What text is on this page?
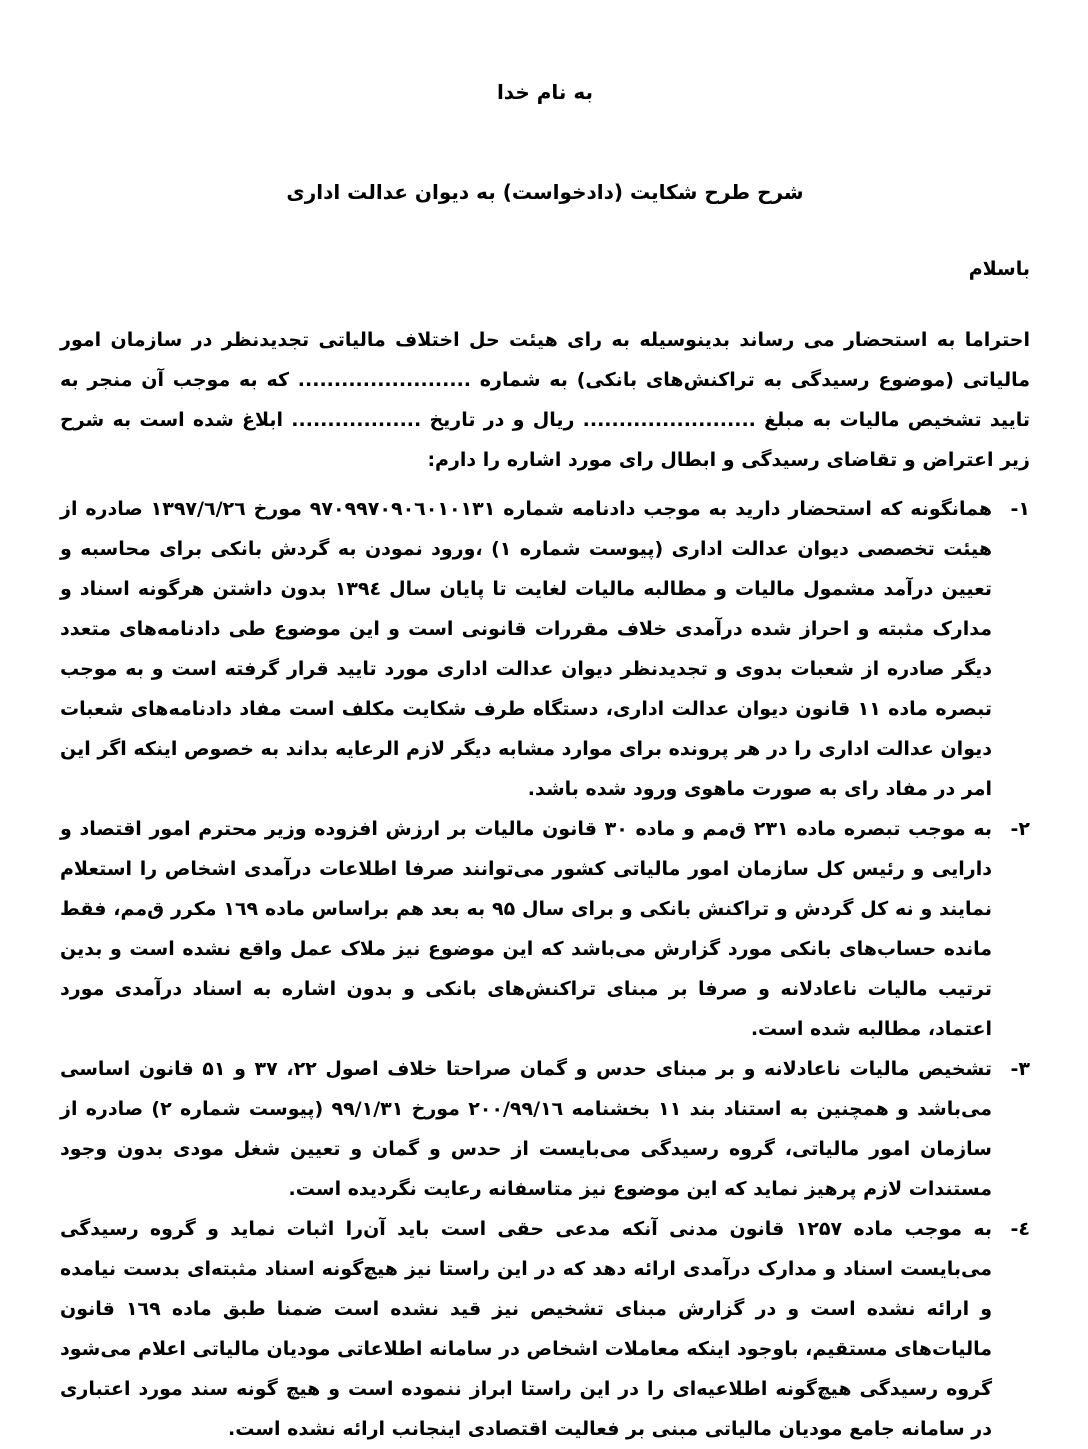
به نام خدا
شرح طرح شکایت (دادخواست) به دیوان عدالت اداری
باسلام
احتراما به استحضار می رساند بدینوسیله به رای هیئت حل اختلاف مالیاتی تجدیدنظر در سازمان امور مالیاتی (موضوع رسیدگی به تراکنش‌های بانکی) به شماره ........................ که به موجب آن منجر به تایید تشخیص مالیات به مبلغ ........................ ریال و در تاریخ .................. ابلاغ شده است به شرح زیر اعتراض و تقاضای رسیدگی و ابطال رای مورد اشاره را دارم:
۱-
همانگونه که استحضار دارید به موجب دادنامه شماره ۹۷۰۹۹۷۰۹۰٦۰۱۰۱۳۱ مورخ ۱۳۹۷/٦/۲٦ صادره از هیئت تخصصی دیوان عدالت اداری (پیوست شماره ۱) ،ورود نمودن به گردش بانکی برای محاسبه و تعیین درآمد مشمول مالیات و مطالبه مالیات لغایت تا پایان سال ۱۳۹٤ بدون داشتن هرگونه اسناد و مدارک مثبته و احراز شده درآمدی خلاف مقررات قانونی است و این موضوع طی دادنامه‌های متعدد دیگر صادره از شعبات بدوی و تجدیدنظر دیوان عدالت اداری مورد تایید قرار گرفته است و به موجب تبصره ماده ۱۱ قانون دیوان عدالت اداری، دستگاه طرف شکایت مکلف است مفاد دادنامه‌های شعبات دیوان عدالت اداری را در هر پرونده برای موارد مشابه دیگر لازم الرعایه بداند به خصوص اینکه اگر این امر در مفاد رای به صورت ماهوی ورود شده باشد.
۲-
به موجب تبصره ماده ۲۳۱ ق‌مم و ماده ۳۰ قانون مالیات بر ارزش افزوده وزیر محترم امور اقتصاد و دارایی و رئیس کل سازمان امور مالیاتی کشور می‌توانند صرفا اطلاعات درآمدی اشخاص را استعلام نمایند و نه کل گردش و تراکنش بانکی و برای سال ۹۵ به بعد هم براساس ماده ۱٦۹ مکرر ق‌مم، فقط مانده حساب‌های بانکی مورد گزارش می‌باشد که این موضوع نیز ملاک عمل واقع نشده است و بدین ترتیب مالیات ناعادلانه و صرفا بر مبنای تراکنش‌های بانکی و بدون اشاره به اسناد درآمدی مورد اعتماد، مطالبه شده است.
۳-
تشخیص مالیات ناعادلانه و بر مبنای حدس و گمان صراحتا خلاف اصول ۲۲، ۳۷ و ۵۱ قانون اساسی می‌باشد و همچنین به استناد بند ۱۱ بخشنامه ۲۰۰/۹۹/۱٦ مورخ ۹۹/۱/۳۱ (پیوست شماره ۲) صادره از سازمان امور مالیاتی، گروه رسیدگی می‌بایست از حدس و گمان و تعیین شغل مودی بدون وجود مستندات لازم پرهیز نماید که این موضوع نیز متاسفانه رعایت نگردیده است.
٤-
به موجب ماده ۱۲۵۷ قانون مدنی آنکه مدعی حقی است باید آن‌را اثبات نماید و گروه رسیدگی می‌بایست اسناد و مدارک درآمدی ارائه دهد که در این راستا نیز هیچ‌گونه اسناد مثبته‌ای بدست نیامده و ارائه نشده است و در گزارش مبنای تشخیص نیز قید نشده است ضمنا طبق ماده ۱٦۹ قانون مالیات‌های مستقیم، باوجود اینکه معاملات اشخاص در سامانه اطلاعاتی مودیان مالیاتی اعلام می‌شود گروه رسیدگی هیچ‌گونه اطلاعیه‌ای را در این راستا ابراز ننموده است و هیچ گونه سند مورد اعتباری در سامانه جامع مودیان مالیاتی مبنی بر فعالیت اقتصادی اینجانب ارائه نشده است.
